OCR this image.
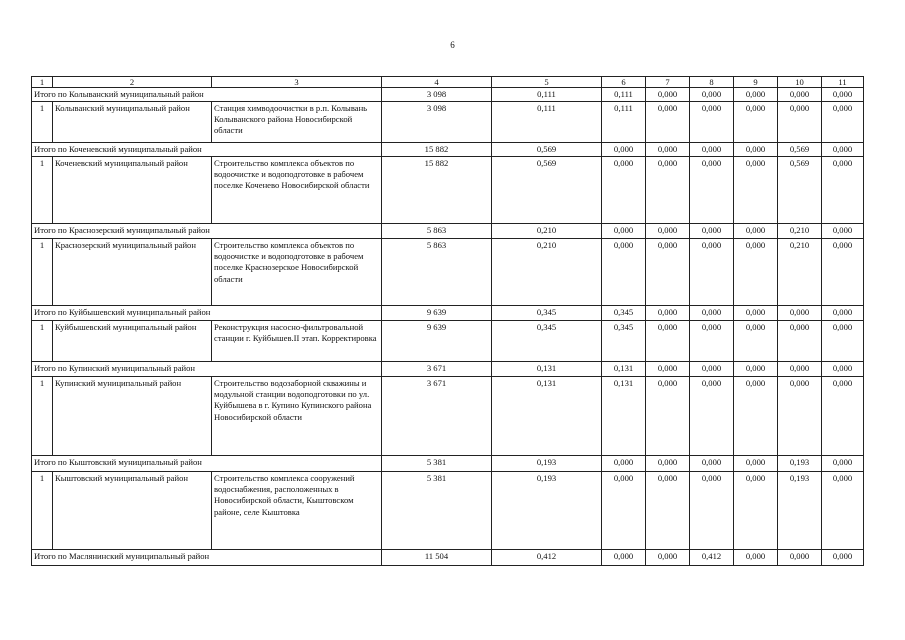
6
1	2	3	4	5	6	7	8	9	10	11
Итого по Колыванский муниципальный район			3 098	0,111	0,111	0,000	0,000	0,000	0,000	0,000
1	Колыванский муниципальный район	Станция химводоочистки в р.п. Колывань Колыванского района Новосибирской области	3 098	0,111	0,111	0,000	0,000	0,000	0,000	0,000
Итого по Коченевский муниципальный район			15 882	0,569	0,000	0,000	0,000	0,000	0,569	0,000
1	Коченевский муниципальный район	Строительство комплекса объектов по водоочистке и водоподготовке в рабочем поселке Коченево Новосибирской области	15 882	0,569	0,000	0,000	0,000	0,000	0,569	0,000
Итого по Краснозерский муниципальный район			5 863	0,210	0,000	0,000	0,000	0,000	0,210	0,000
1	Краснозерский муниципальный район	Строительство комплекса объектов по водоочистке и водоподготовке в рабочем поселке Краснозерское Новосибирской области	5 863	0,210	0,000	0,000	0,000	0,000	0,210	0,000
Итого по Куйбышевский муниципальный район			9 639	0,345	0,345	0,000	0,000	0,000	0,000	0,000
1	Куйбышевский муниципальный район	Реконструкция насосно-фильтровальной станции г. Куйбышев.II этап. Корректировка	9 639	0,345	0,345	0,000	0,000	0,000	0,000	0,000
Итого по Купинский муниципальный район			3 671	0,131	0,131	0,000	0,000	0,000	0,000	0,000
1	Купинский муниципальный район	Строительство водозаборной скважины и модульной станции водоподготовки по ул. Куйбышева в г. Купино Купинского района Новосибирской области	3 671	0,131	0,131	0,000	0,000	0,000	0,000	0,000
Итого по Кыштовский муниципальный район			5 381	0,193	0,000	0,000	0,000	0,000	0,193	0,000
1	Кыштовский муниципальный район	Строительство комплекса сооружений водоснабжения, расположенных в Новосибирской области, Кыштовском районе, селе Кыштовка	5 381	0,193	0,000	0,000	0,000	0,000	0,193	0,000
Итого по Маслянинский муниципальный район			11 504	0,412	0,000	0,000	0,412	0,000	0,000	0,000
